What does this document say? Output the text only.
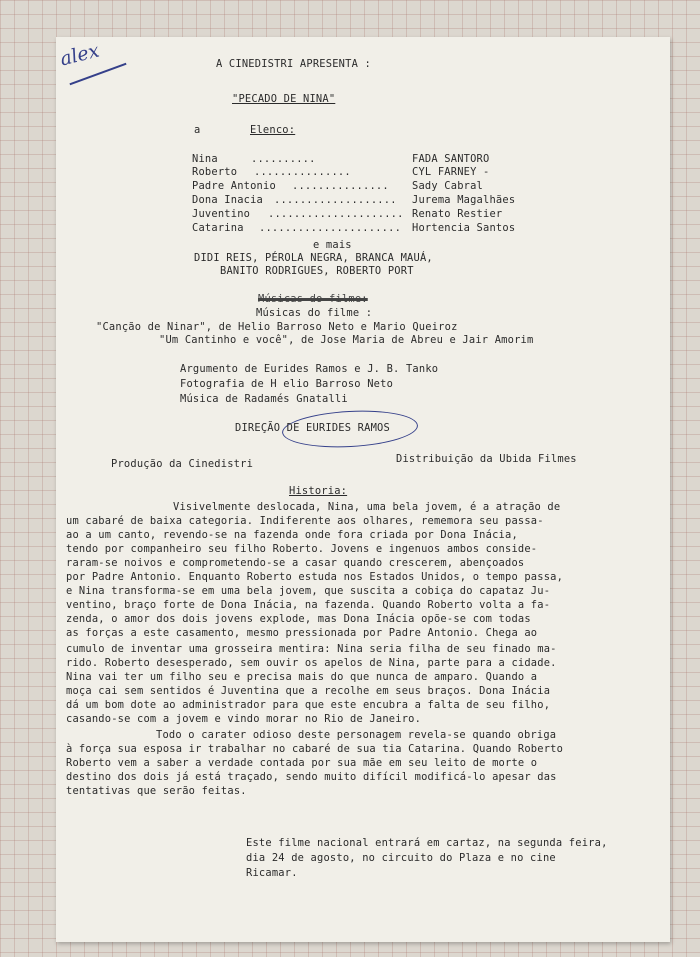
alex	A CINEDISTRI APRESENTA :
"PECADO DE NINA"
a	Elenco:
Nina	..........	FADA SANTORO
Roberto ...............	CYL FARNEY -
Padre Antonio ............... Sady Cabral
Dona Inacia ................... Jurema Magalhães
Juventino ..................... Renato Restier
Catarina ...................... Hortencia Santos
e mais
DIDI REIS, PÉROLA NEGRA, BRANCA MAUÁ,
BANITO RODRIGUES, ROBERTO PORT
Músicas do filme:
Músicas do filme :
"Canção de Ninar", de Helio Barroso Neto e Mario Queiroz
"Um Cantinho e você", de Jose Maria de Abreu e Jair Amorim
Argumento de Eurides Ramos e J. B. Tanko
Fotografia de H elio Barroso Neto
Música de Radamés Gnatalli
DIREÇÃO DE EURIDES RAMOS
Produção da Cinedistri	Distribuição da Ubida Filmes
Historia:
Visivelmente deslocada, Nina, uma bela jovem, é a atração de
um cabaré de baixa categoria. Indiferente aos olhares, rememora seu passa-
ao a um canto, revendo-se na fazenda onde fora criada por Dona Inácia,
tendo por companheiro seu filho Roberto. Jovens e ingenuos ambos conside-
raram-se noivos e comprometendo-se a casar quando crescerem, abençoados
por Padre Antonio. Enquanto Roberto estuda nos Estados Unidos, o tempo passa,
e Nina transforma-se em uma bela jovem, que suscita a cobiça do capataz Ju-
ventino, braço forte de Dona Inácia, na fazenda. Quando Roberto volta a fa-
zenda, o amor dos dois jovens explode, mas Dona Inácia opõe-se com todas
as forças a este casamento, mesmo pressionada por Padre Antonio. Chega ao
cumulo de inventar uma grosseira mentira: Nina seria filha de seu finado ma-
rido. Roberto desesperado, sem ouvir os apelos de Nina, parte para a cidade.
Nina vai ter um filho seu e precisa mais do que nunca de amparo. Quando a
moça cai sem sentidos é Juventina que a recolhe em seus braços. Dona Inácia
dá um bom dote ao administrador para que este encubra a falta de seu filho,
casando-se com a jovem e vindo morar no Rio de Janeiro.
Todo o carater odioso deste personagem revela-se quando obriga
à força sua esposa ir trabalhar no cabaré de sua tia Catarina. Quando Roberto
Roberto vem a saber a verdade contada por sua mãe em seu leito de morte o
destino dos dois já está traçado, sendo muito difícil modificá-lo apesar das
tentativas que serão feitas.
Este filme nacional entrará em cartaz, na segunda feira,
dia 24 de agosto, no circuito do Plaza e no cine
Ricamar.
